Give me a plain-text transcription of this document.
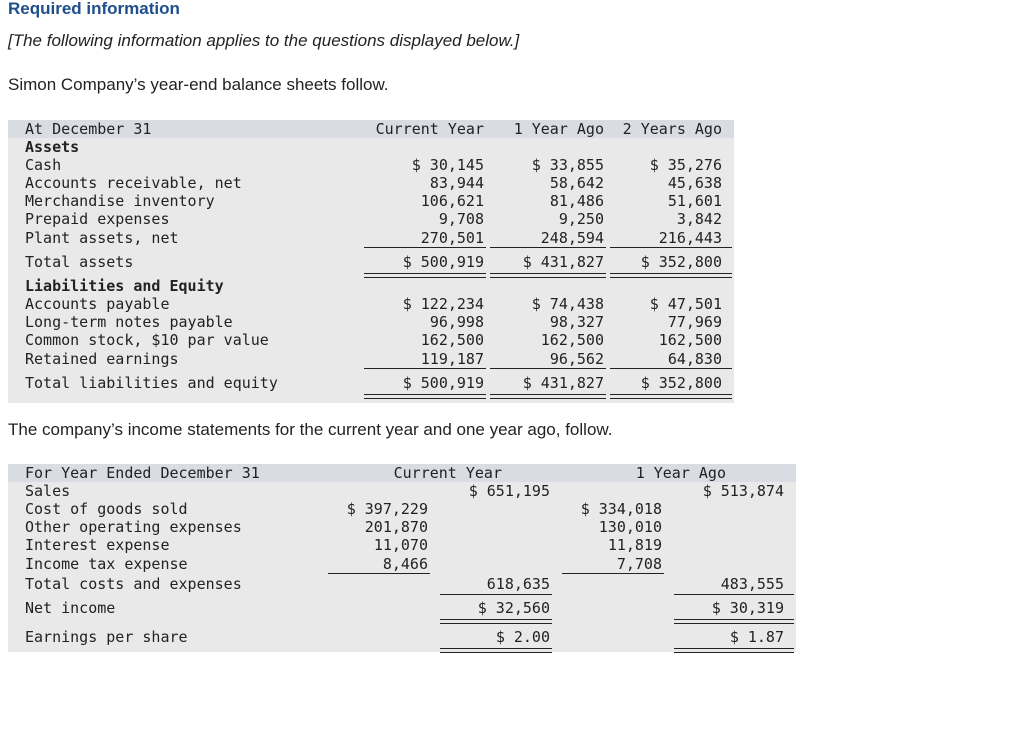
Required information
[The following information applies to the questions displayed below.]
Simon Company’s year-end balance sheets follow.
At December 31	Current Year	1 Year Ago	2 Years Ago
Assets
Cash	$ 30,145	$ 33,855	$ 35,276
Accounts receivable, net	83,944	58,642	45,638
Merchandise inventory	106,621	81,486	51,601
Prepaid expenses	9,708	9,250	3,842
Plant assets, net	270,501	248,594	216,443
Total assets	$ 500,919	$ 431,827	$ 352,800
Liabilities and Equity
Accounts payable	$ 122,234	$ 74,438	$ 47,501
Long-term notes payable	96,998	98,327	77,969
Common stock, $10 par value	162,500	162,500	162,500
Retained earnings	119,187	96,562	64,830
Total liabilities and equity	$ 500,919	$ 431,827	$ 352,800
The company’s income statements for the current year and one year ago, follow.
For Year Ended December 31	Current Year	1 Year Ago
Sales	$ 651,195	$ 513,874
Cost of goods sold	$ 397,229	$ 334,018
Other operating expenses	201,870	130,010
Interest expense	11,070	11,819
Income tax expense	8,466	7,708
Total costs and expenses	618,635	483,555
Net income	$ 32,560	$ 30,319
Earnings per share	$ 2.00	$ 1.87
